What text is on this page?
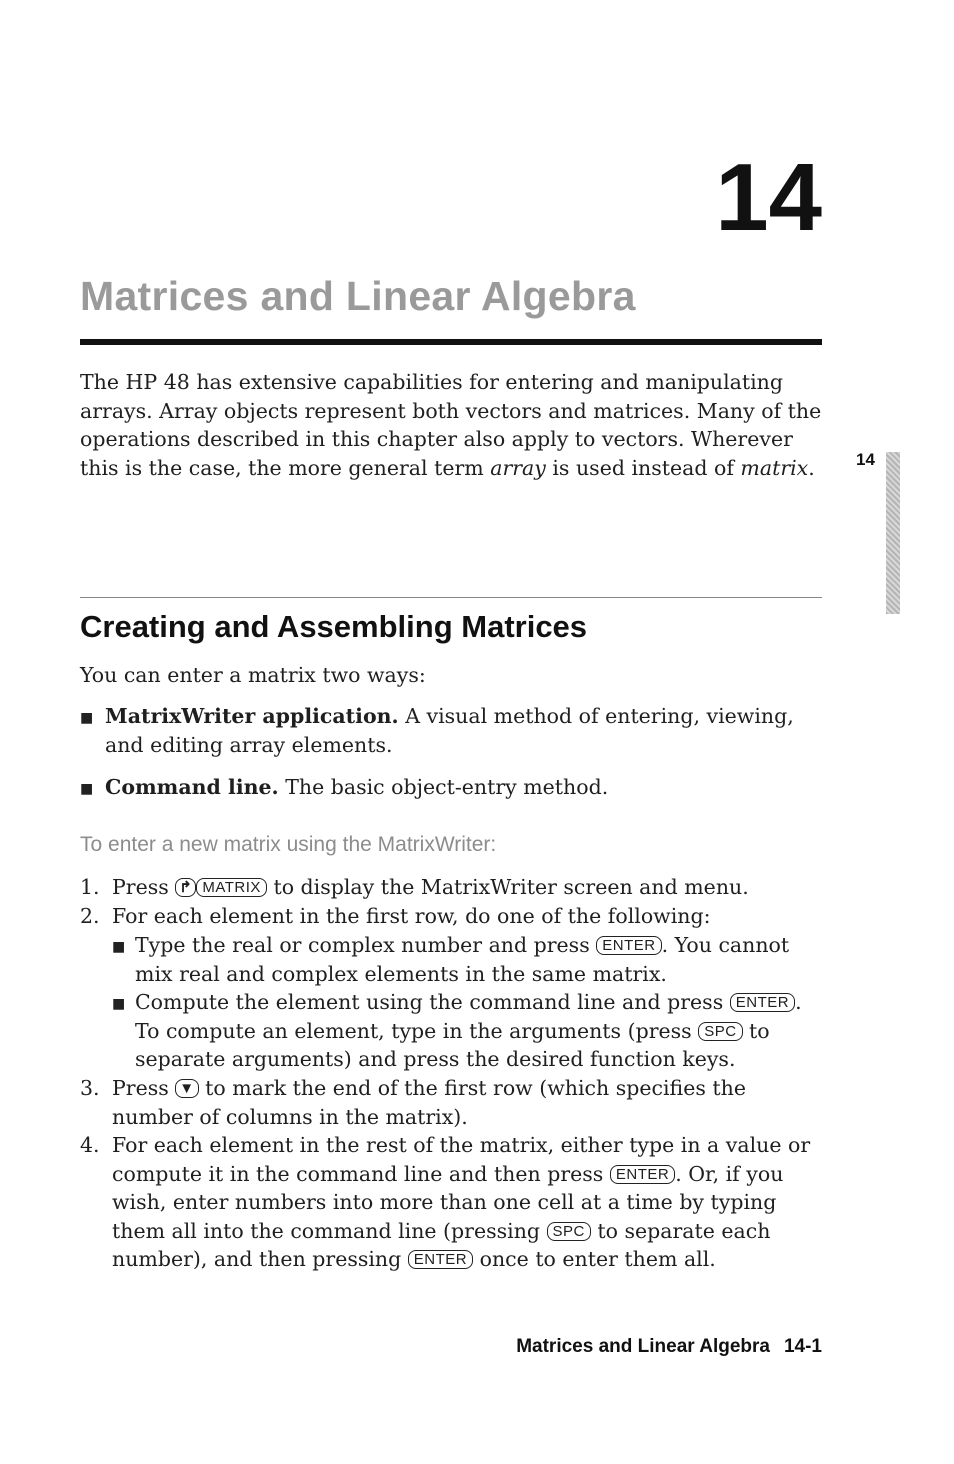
14
Matrices and Linear Algebra
The HP 48 has extensive capabilities for entering and manipulating arrays. Array objects represent both vectors and matrices. Many of the operations described in this chapter also apply to vectors. Wherever this is the case, the more general term array is used instead of matrix.	14
Creating and Assembling Matrices
You can enter a matrix two ways:
■ MatrixWriter application. A visual method of entering, viewing, and editing array elements.
■ Command line. The basic object-entry method.
To enter a new matrix using the MatrixWriter:
1. Press ↱ MATRIX to display the MatrixWriter screen and menu.
2. For each element in the first row, do one of the following:
■ Type the real or complex number and press ENTER . You cannot mix real and complex elements in the same matrix.
■ Compute the element using the command line and press ENTER . To compute an element, type in the arguments (press SPC to separate arguments) and press the desired function keys.
3. Press ▼ to mark the end of the first row (which specifies the number of columns in the matrix).
4. For each element in the rest of the matrix, either type in a value or compute it in the command line and then press ENTER . Or, if you wish, enter numbers into more than one cell at a time by typing them all into the command line (pressing SPC to separate each number), and then pressing ENTER once to enter them all.
Matrices and Linear Algebra 14-1
